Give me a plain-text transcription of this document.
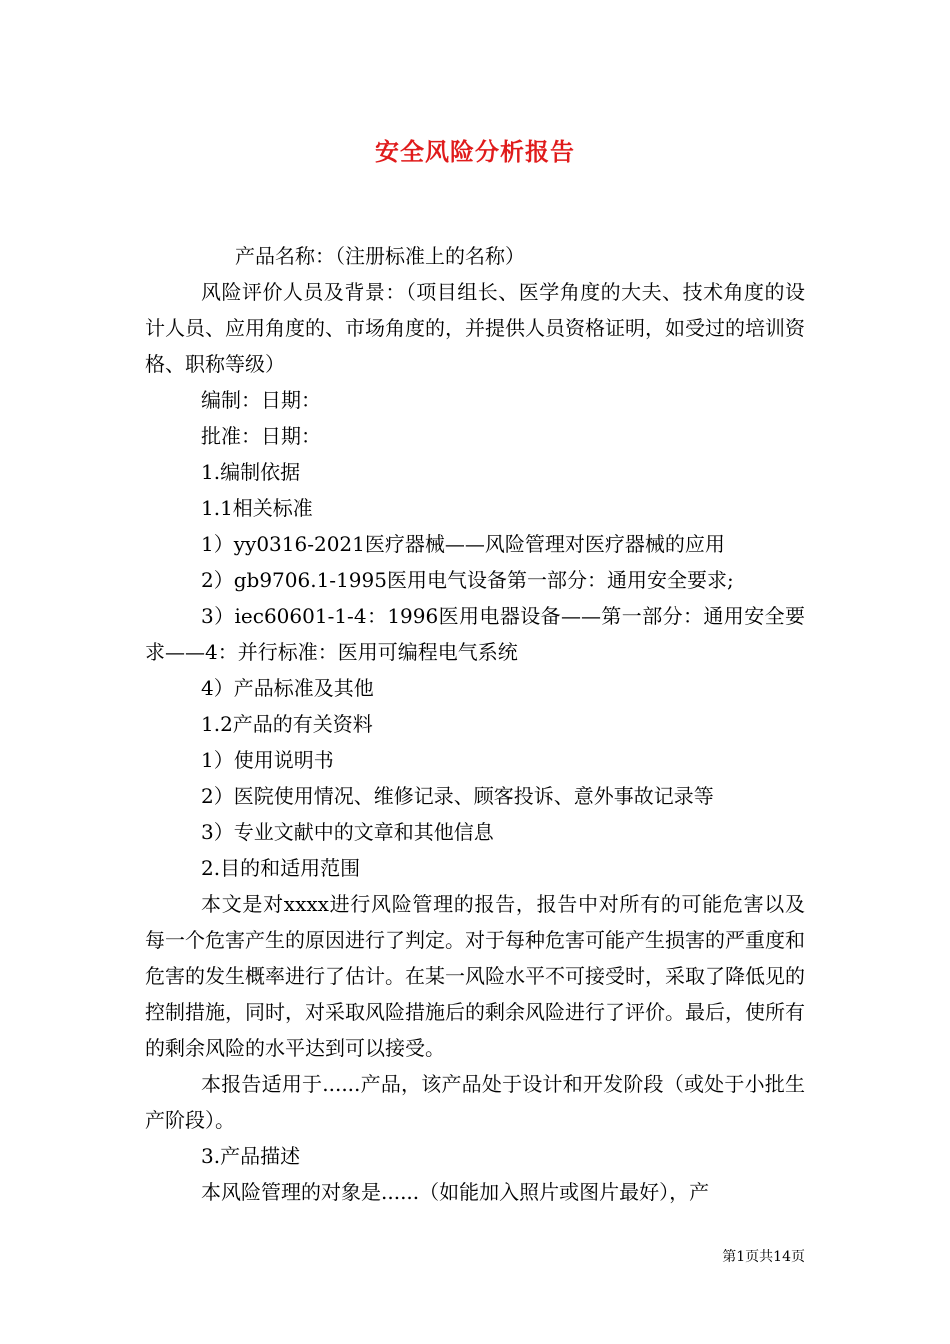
安全风险分析报告

产品名称：（注册标准上的名称）

风险评价人员及背景：（项目组长、医学角度的大夫、技术角度的设计人员、应用角度的、市场角度的，并提供人员资格证明，如受过的培训资格、职称等级）

编制：日期：

批准：日期：

1.编制依据

1.1相关标准

1）yy0316-2021医疗器械——风险管理对医疗器械的应用

2）gb9706.1-1995医用电气设备第一部分：通用安全要求;

3）iec60601-1-4：1996医用电器设备——第一部分：通用安全要求——4：并行标准：医用可编程电气系统

4）产品标准及其他

1.2产品的有关资料

1）使用说明书

2）医院使用情况、维修记录、顾客投诉、意外事故记录等

3）专业文献中的文章和其他信息

2.目的和适用范围

本文是对xxxx进行风险管理的报告，报告中对所有的可能危害以及每一个危害产生的原因进行了判定。对于每种危害可能产生损害的严重度和危害的发生概率进行了估计。在某一风险水平不可接受时，采取了降低见的控制措施，同时，对采取风险措施后的剩余风险进行了评价。最后，使所有的剩余风险的水平达到可以接受。

本报告适用于......产品，该产品处于设计和开发阶段（或处于小批生产阶段）。

3.产品描述

本风险管理的对象是......（如能加入照片或图片最好），产

第1页共14页
